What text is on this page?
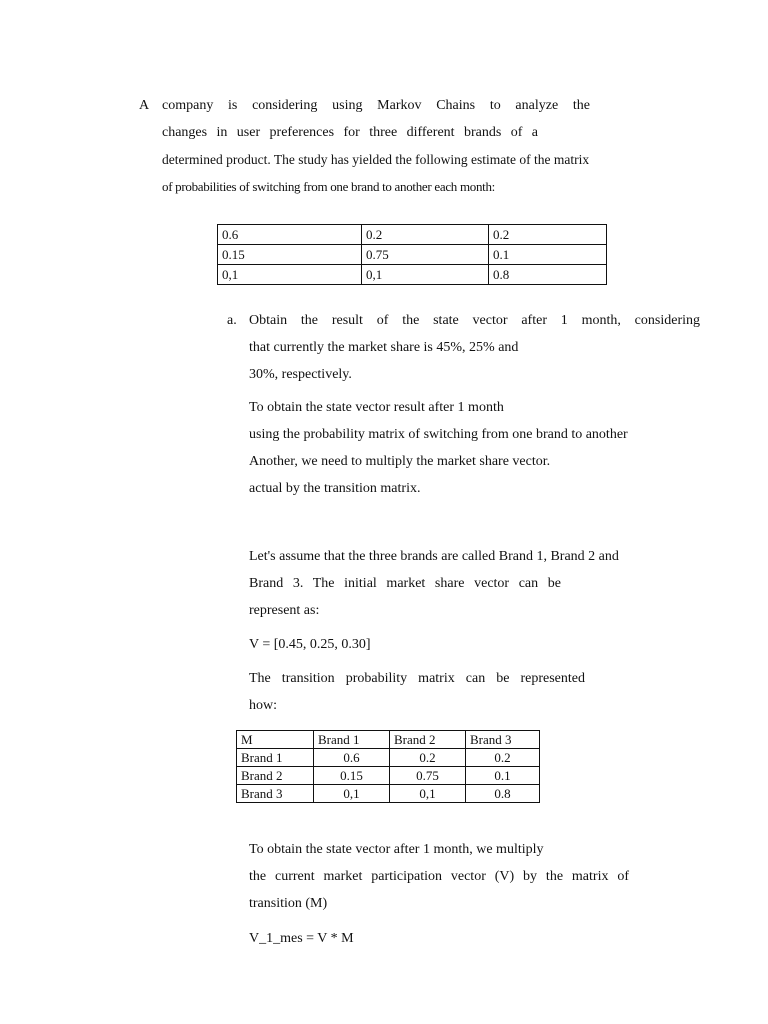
A company is considering using Markov Chains to analyze the
changes in user preferences for three different brands of a
determined product. The study has yielded the following estimate of the matrix
of probabilities of switching from one brand to another each month:
0.6	0.2	0.2
0.15	0.75	0.1
0,1	0,1	0.8
a. Obtain the result of the state vector after 1 month, considering
that currently the market share is 45%, 25% and
30%, respectively.
To obtain the state vector result after 1 month
using the probability matrix of switching from one brand to another
Another, we need to multiply the market share vector.
actual by the transition matrix.
Let's assume that the three brands are called Brand 1, Brand 2 and
Brand 3. The initial market share vector can be
represent as:
V = [0.45, 0.25, 0.30]
The transition probability matrix can be represented
how:
M	Brand 1	Brand 2	Brand 3
Brand 1	0.6	0.2	0.2
Brand 2	0.15	0.75	0.1
Brand 3	0,1	0,1	0.8
To obtain the state vector after 1 month, we multiply
the current market participation vector (V) by the matrix of
transition (M)
V_1_mes = V * M
